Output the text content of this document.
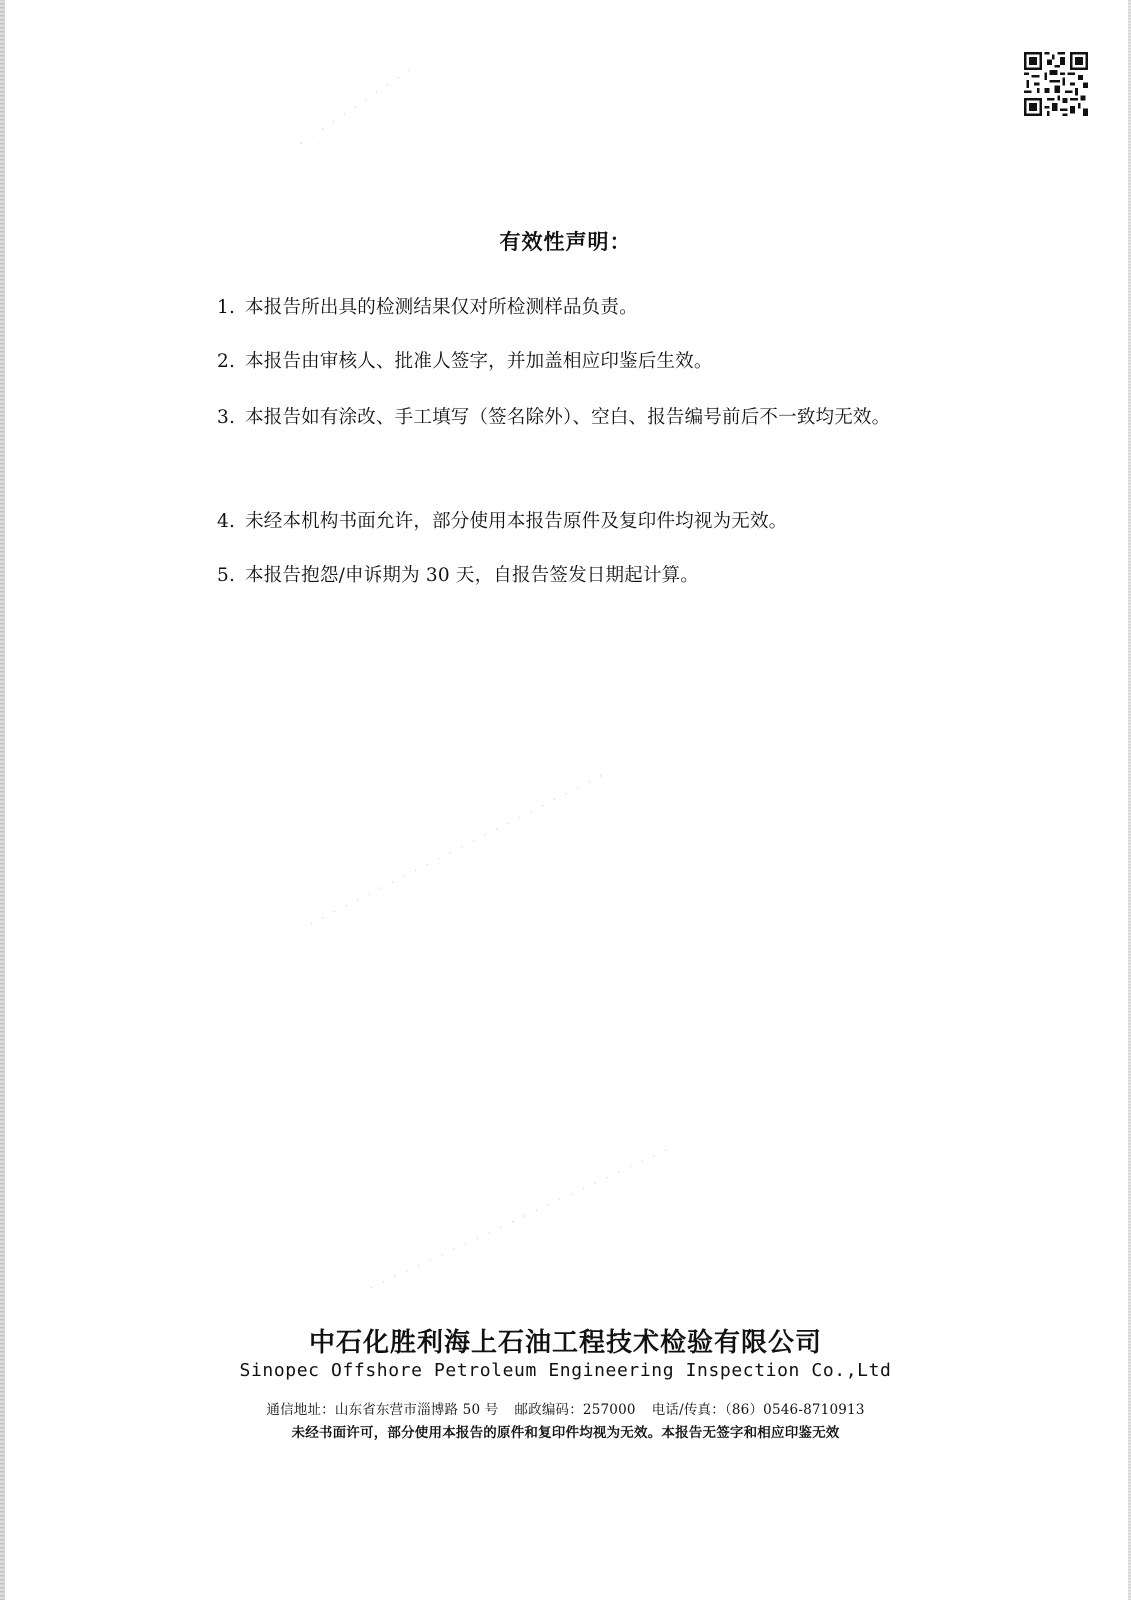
· · · · · · · · · · ·
· · · · · · · · · · · · · · · · · · · · · · · · · ·
· · · · · · · · · · · · · · · · · · · · · · · · · ·
有效性声明：
1. 本报告所出具的检测结果仅对所检测样品负责。
2. 本报告由审核人、批准人签字，并加盖相应印鉴后生效。
3. 本报告如有涂改、手工填写（签名除外）、空白、报告编号前后不一致均无效。
4. 未经本机构书面允许，部分使用本报告原件及复印件均视为无效。
5. 本报告抱怨/申诉期为 30 天，自报告签发日期起计算。
中石化胜利海上石油工程技术检验有限公司
Sinopec Offshore Petroleum Engineering Inspection Co.,Ltd
通信地址：山东省东营市淄博路 50 号 邮政编码：257000 电话/传真：（86）0546-8710913
未经书面许可，部分使用本报告的原件和复印件均视为无效。本报告无签字和相应印鉴无效
